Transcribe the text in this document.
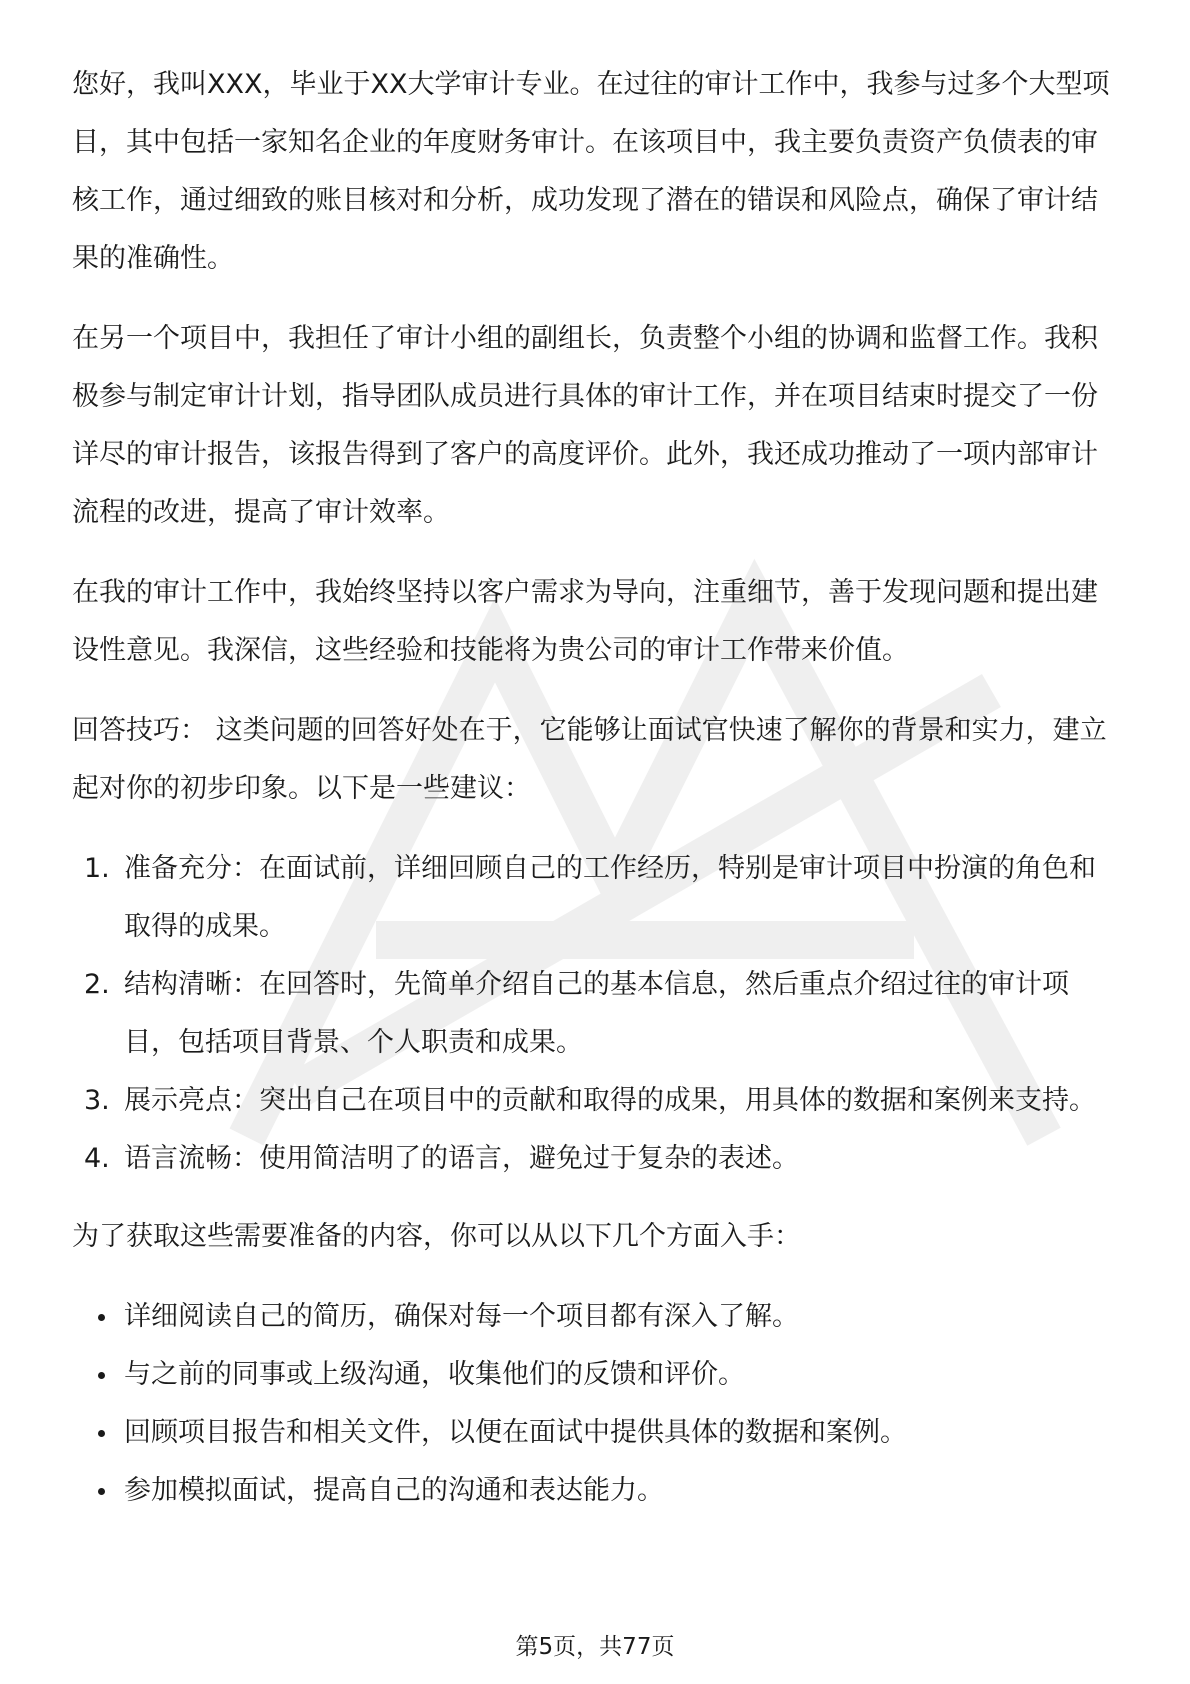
您好，我叫XXX，毕业于XX大学审计专业。在过往的审计工作中，我参与过多个大型项目，其中包括一家知名企业的年度财务审计。在该项目中，我主要负责资产负债表的审核工作，通过细致的账目核对和分析，成功发现了潜在的错误和风险点，确保了审计结果的准确性。

在另一个项目中，我担任了审计小组的副组长，负责整个小组的协调和监督工作。我积极参与制定审计计划，指导团队成员进行具体的审计工作，并在项目结束时提交了一份详尽的审计报告，该报告得到了客户的高度评价。此外，我还成功推动了一项内部审计流程的改进，提高了审计效率。

在我的审计工作中，我始终坚持以客户需求为导向，注重细节，善于发现问题和提出建设性意见。我深信，这些经验和技能将为贵公司的审计工作带来价值。

回答技巧： 这类问题的回答好处在于，它能够让面试官快速了解你的背景和实力，建立起对你的初步印象。以下是一些建议：

1. 准备充分：在面试前，详细回顾自己的工作经历，特别是审计项目中扮演的角色和取得的成果。
2. 结构清晰：在回答时，先简单介绍自己的基本信息，然后重点介绍过往的审计项目，包括项目背景、个人职责和成果。
3. 展示亮点：突出自己在项目中的贡献和取得的成果，用具体的数据和案例来支持。
4. 语言流畅：使用简洁明了的语言，避免过于复杂的表述。

为了获取这些需要准备的内容，你可以从以下几个方面入手：

详细阅读自己的简历，确保对每一个项目都有深入了解。
与之前的同事或上级沟通，收集他们的反馈和评价。
回顾项目报告和相关文件，以便在面试中提供具体的数据和案例。
参加模拟面试，提高自己的沟通和表达能力。
第5页，共77页
